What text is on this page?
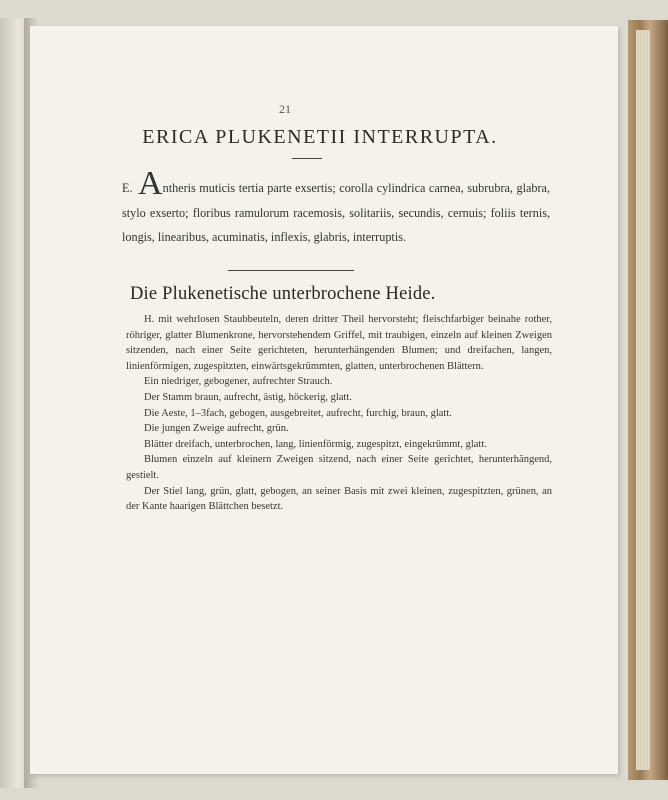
21
ERICA PLUKENETII INTERRUPTA.

E. Antheris muticis tertia parte exsertis; corolla cylindrica carnea, subrubra, glabra, stylo exserto; floribus ramulorum racemosis, solitariis, secundis, cernuis; foliis ternis, longis, linearibus, acuminatis, inflexis, glabris, interruptis.

Die Plukenetische unterbrochene Heide.

H. mit wehrlosen Staubbeuteln, deren dritter Theil hervorsteht; fleischfarbiger beinahe rother, röhriger, glatter Blumenkrone, hervorstehendem Griffel, mit traubigen, einzeln auf kleinen Zweigen sitzenden, nach einer Seite gerichteten, herunterhängenden Blumen; und dreifachen, langen, linienförmigen, zugespitzten, einwärtsgekrümmten, glatten, unterbrochenen Blättern.

Ein niedriger, gebogener, aufrechter Strauch.

Der Stamm braun, aufrecht, ästig, höckerig, glatt.

Die Aeste, 1–3fach, gebogen, ausgebreitet, aufrecht, furchig, braun, glatt.

Die jungen Zweige aufrecht, grün.

Blätter dreifach, unterbrochen, lang, linienförmig, zugespitzt, eingekrümmt, glatt.

Blumen einzeln auf kleinern Zweigen sitzend, nach einer Seite gerichtet, herunterhängend, gestielt.

Der Stiel lang, grün, glatt, gebogen, an seiner Basis mit zwei kleinen, zugespitzten, grünen, an der Kante haarigen Blättchen besetzt.
